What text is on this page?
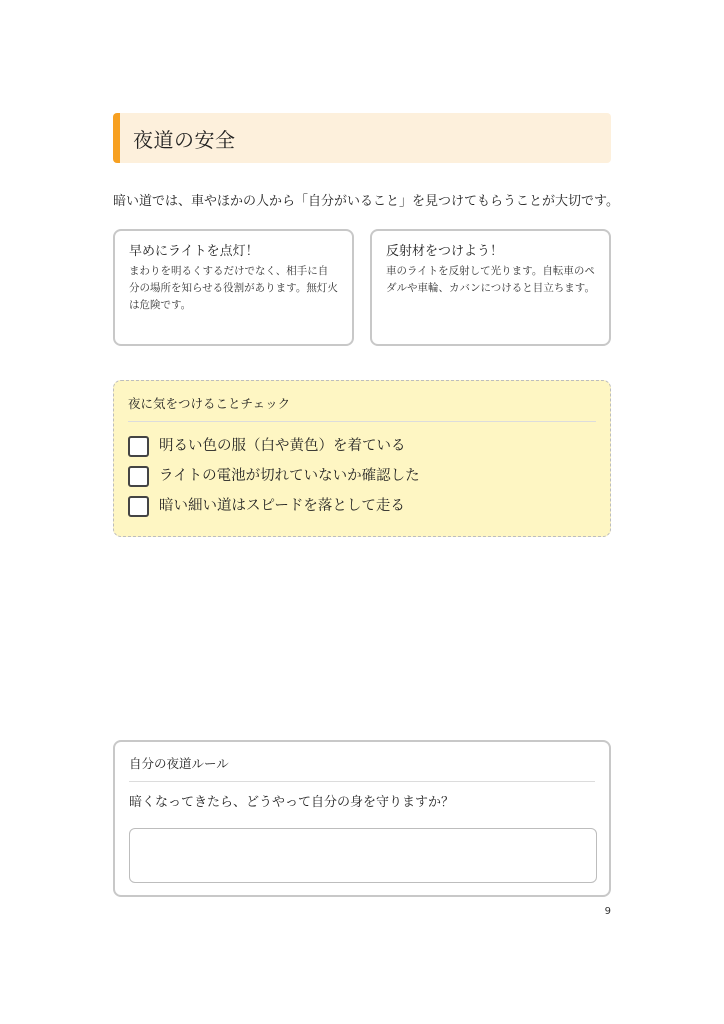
夜道の安全

暗い道では、車やほかの人から「自分がいること」を見つけてもらうことが大切です。

早めにライトを点灯！

まわりを明るくするだけでなく、相手に自分の場所を知らせる役割があります。無灯火は危険です。

反射材をつけよう！

車のライトを反射して光ります。自転車のペダルや車輪、カバンにつけると目立ちます。

夜に気をつけることチェック
明るい色の服（白や黄色）を着ている
ライトの電池が切れていないか確認した
暗い細い道はスピードを落として走る
自分の夜道ルール
暗くなってきたら、どうやって自分の身を守りますか？
9
